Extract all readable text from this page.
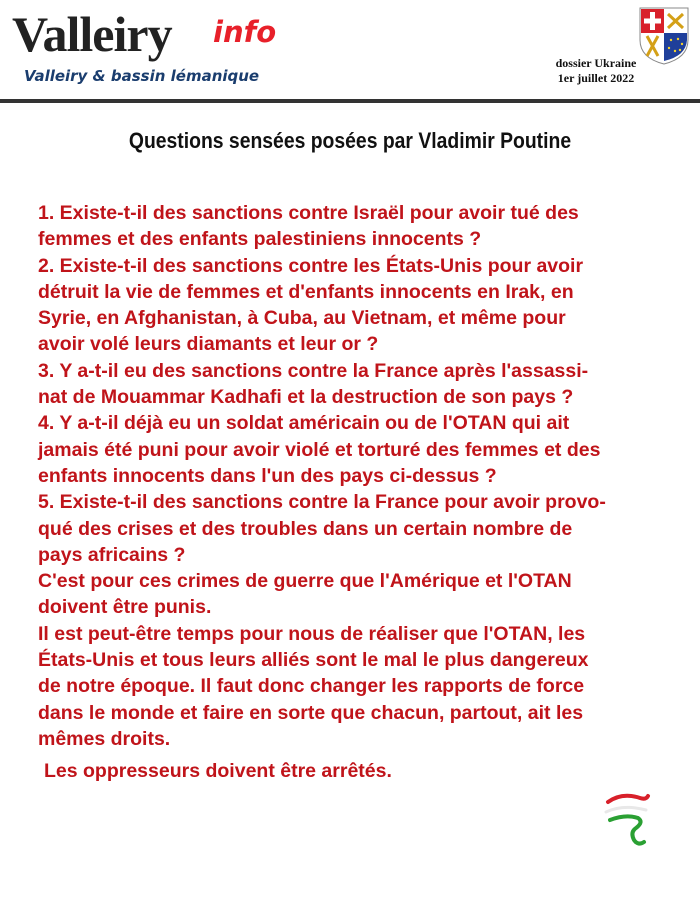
Valleiry info
Valleiry & bassin lémanique
dossier Ukraine
1er juillet 2022
Questions sensées posées par Vladimir Poutine
1. Existe-t-il des sanctions contre Israël pour avoir tué des
femmes et des enfants palestiniens innocents ?
2. Existe-t-il des sanctions contre les États-Unis pour avoir
détruit la vie de femmes et d'enfants innocents en Irak, en
Syrie, en Afghanistan, à Cuba, au Vietnam, et même pour
avoir volé leurs diamants et leur or ?
3. Y a-t-il eu des sanctions contre la France après l'assassi-
nat de Mouammar Kadhafi et la destruction de son pays ?
4. Y a-t-il déjà eu un soldat américain ou de l'OTAN qui ait
jamais été puni pour avoir violé et torturé des femmes et des
enfants innocents dans l'un des pays ci-dessus ?
5. Existe-t-il des sanctions contre la France pour avoir provo-
qué des crises et des troubles dans un certain nombre de
pays africains ?
C'est pour ces crimes de guerre que l'Amérique et l'OTAN
doivent être punis.
Il est peut-être temps pour nous de réaliser que l'OTAN, les
États-Unis et tous leurs alliés sont le mal le plus dangereux
de notre époque. Il faut donc changer les rapports de force
dans le monde et faire en sorte que chacun, partout, ait les
mêmes droits.
Les oppresseurs doivent être arrêtés.
